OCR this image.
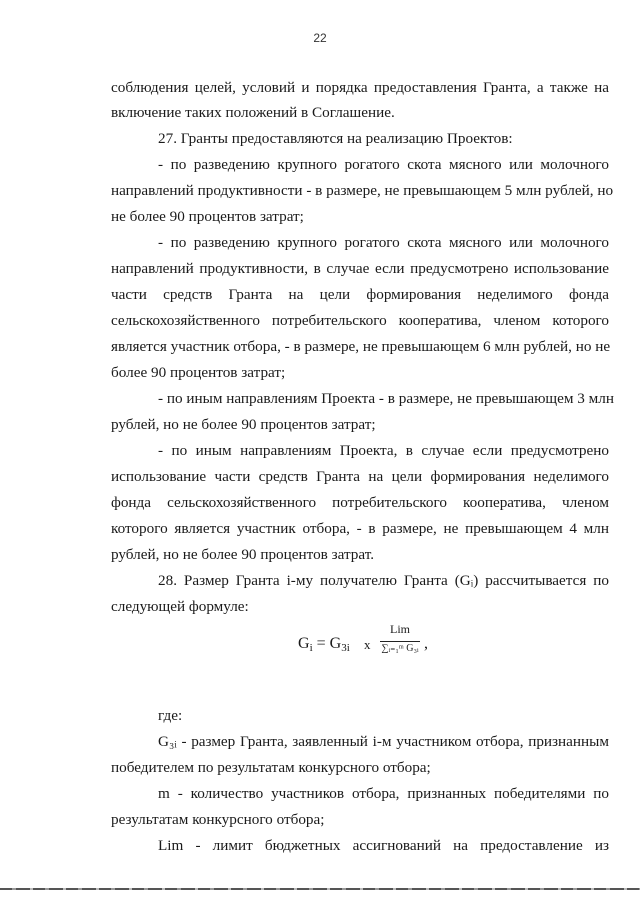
22
соблюдения целей, условий и порядка предоставления Гранта, а также на
включение таких положений в Соглашение.
27. Гранты предоставляются на реализацию Проектов:
- по разведению крупного рогатого скота мясного или молочного
направлений продуктивности - в размере, не превышающем 5 млн рублей, но
не более 90 процентов затрат;
- по разведению крупного рогатого скота мясного или молочного
направлений продуктивности, в случае если предусмотрено использование
части средств Гранта на цели формирования неделимого фонда
сельскохозяйственного потребительского кооператива, членом которого
является участник отбора, - в размере, не превышающем 6 млн рублей, но не
более 90 процентов затрат;
- по иным направлениям Проекта - в размере, не превышающем 3 млн
рублей, но не более 90 процентов затрат;
- по иным направлениям Проекта, в случае если предусмотрено
использование части средств Гранта на цели формирования неделимого
фонда сельскохозяйственного потребительского кооператива, членом
которого является участник отбора, - в размере, не превышающем 4 млн
рублей, но не более 90 процентов затрат.
28. Размер Гранта i-му получателю Гранта (Gᵢ) рассчитывается по
следующей формуле:
$G_i = G_{3i}$ x
Lim
∑ᵢ₌₁ᵐ G₃ᵢ ,
где:
G₃ᵢ - размер Гранта, заявленный i-м участником отбора, признанным
победителем по результатам конкурсного отбора;
m - количество участников отбора, признанных победителями по
результатам конкурсного отбора;
Lim - лимит бюджетных ассигнований на предоставление из
